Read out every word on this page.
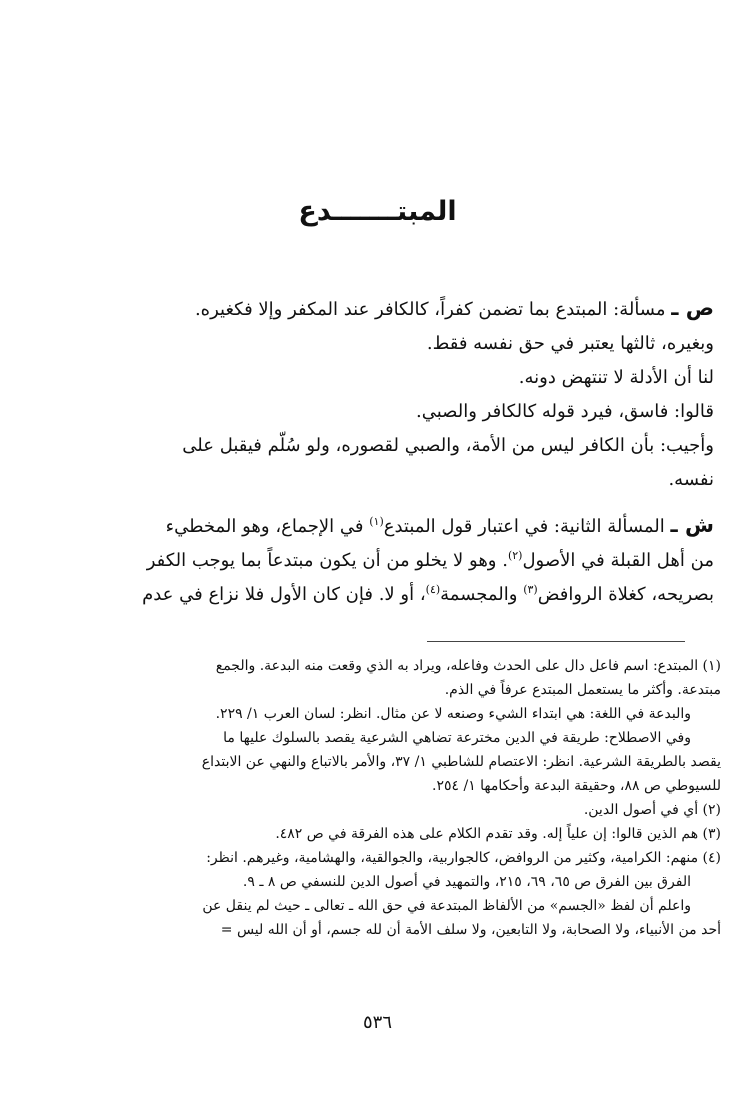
المبتـــــــدع
ص ـ مسألة: المبتدع بما تضمن كفراً، كالكافر عند المكفر وإلا فكغيره.
وبغيره، ثالثها يعتبر في حق نفسه فقط.
لنا أن الأدلة لا تنتهض دونه.
قالوا: فاسق، فيرد قوله كالكافر والصبي.
وأجيب: بأن الكافر ليس من الأمة، والصبي لقصوره، ولو سُلّم فيقبل على
نفسه.
ش ـ المسألة الثانية: في اعتبار قول المبتدع$^{(١)}$ في الإجماع، وهو المخطيء
من أهل القبلة في الأصول$^{(٢)}$. وهو لا يخلو من أن يكون مبتدعاً بما يوجب الكفر
بصريحه، كغلاة الروافض$^{(٣)}$ والمجسمة$^{(٤)}$، أو لا. فإن كان الأول فلا نزاع في عدم
(١) المبتدع: اسم فاعل دال على الحدث وفاعله، ويراد به الذي وقعت منه البدعة. والجمع
مبتدعة. وأكثر ما يستعمل المبتدع عرفاً في الذم.
والبدعة في اللغة: هي ابتداء الشيء وصنعه لا عن مثال. انظر: لسان العرب ١/ ٢٢٩.
وفي الاصطلاح: طريقة في الدين مخترعة تضاهي الشرعية يقصد بالسلوك عليها ما
يقصد بالطريقة الشرعية. انظر: الاعتصام للشاطبي ١/ ٣٧، والأمر بالاتباع والنهي عن الابتداع
للسيوطي ص ٨٨، وحقيقة البدعة وأحكامها ١/ ٢٥٤.
(٢) أي في أصول الدين.
(٣) هم الذين قالوا: إن علياً إله. وقد تقدم الكلام على هذه الفرقة في ص ٤٨٢.
(٤) منهم: الكرامية، وكثير من الروافض، كالجواربية، والجوالقية، والهشامية، وغيرهم. انظر:
الفرق بين الفرق ص ٦٥، ٦٩، ٢١٥، والتمهيد في أصول الدين للنسفي ص ٨ ـ ٩.
واعلم أن لفظ «الجسم» من الألفاظ المبتدعة في حق الله ـ تعالى ـ حيث لم ينقل عن
أحد من الأنبياء، ولا الصحابة، ولا التابعين، ولا سلف الأمة أن لله جسم، أو أن الله ليس =
٥٣٦
